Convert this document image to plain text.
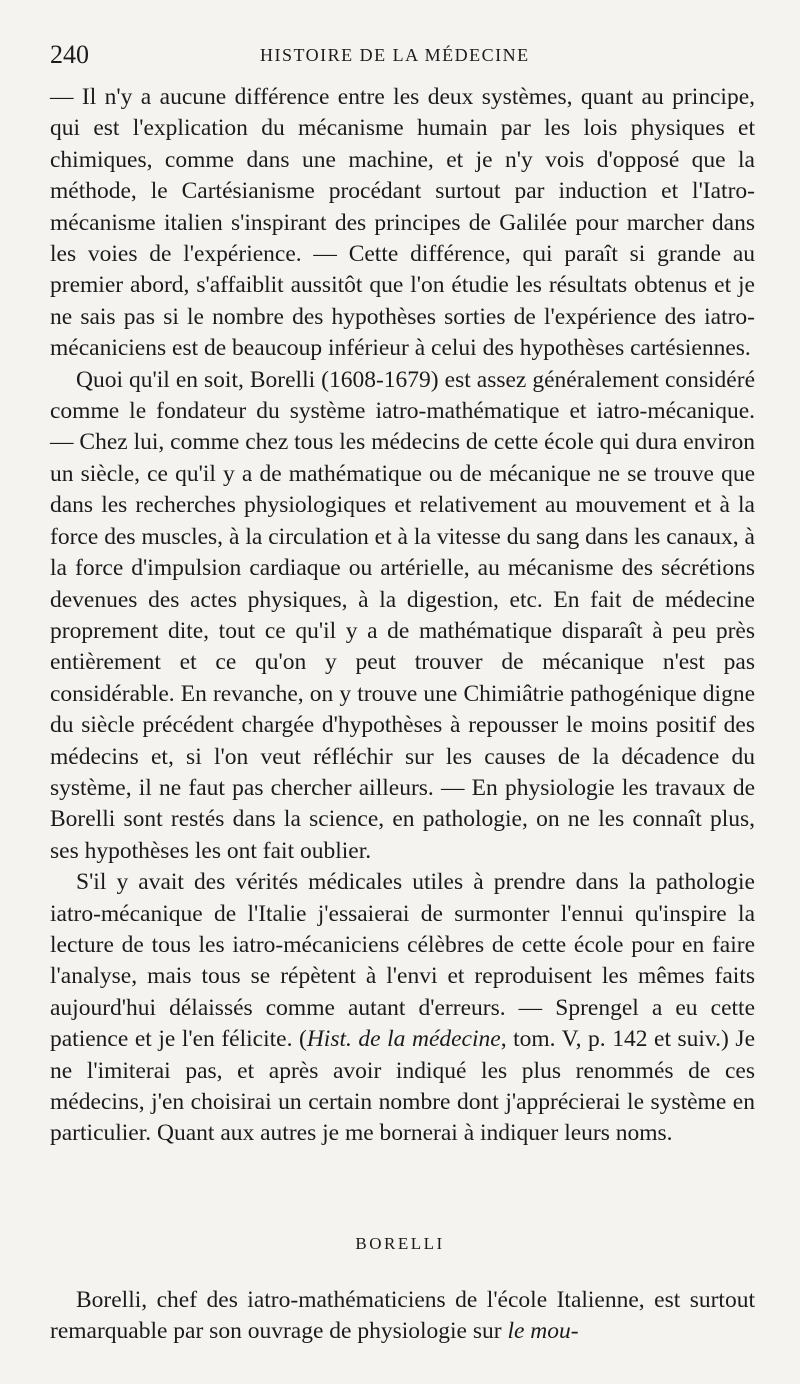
240	HISTOIRE DE LA MÉDECINE

— Il n'y a aucune différence entre les deux systèmes, quant au principe, qui est l'explication du mécanisme humain par les lois physiques et chimiques, comme dans une machine, et je n'y vois d'opposé que la méthode, le Cartésianisme procédant surtout par induction et l'Iatro-mécanisme italien s'inspirant des principes de Galilée pour marcher dans les voies de l'expérience. — Cette différence, qui paraît si grande au premier abord, s'affaiblit aussitôt que l'on étudie les résultats obtenus et je ne sais pas si le nombre des hypothèses sorties de l'expérience des iatro-mécaniciens est de beaucoup inférieur à celui des hypothèses cartésiennes.

Quoi qu'il en soit, Borelli (1608-1679) est assez généralement considéré comme le fondateur du système iatro-mathématique et iatro-mécanique. — Chez lui, comme chez tous les médecins de cette école qui dura environ un siècle, ce qu'il y a de mathématique ou de mécanique ne se trouve que dans les recherches physiologiques et relativement au mouvement et à la force des muscles, à la circulation et à la vitesse du sang dans les canaux, à la force d'impulsion cardiaque ou artérielle, au mécanisme des sécrétions devenues des actes physiques, à la digestion, etc. En fait de médecine proprement dite, tout ce qu'il y a de mathématique disparaît à peu près entièrement et ce qu'on y peut trouver de mécanique n'est pas considérable. En revanche, on y trouve une Chimiâtrie pathogénique digne du siècle précédent chargée d'hypothèses à repousser le moins positif des médecins et, si l'on veut réfléchir sur les causes de la décadence du système, il ne faut pas chercher ailleurs. — En physiologie les travaux de Borelli sont restés dans la science, en pathologie, on ne les connaît plus, ses hypothèses les ont fait oublier.

S'il y avait des vérités médicales utiles à prendre dans la pathologie iatro-mécanique de l'Italie j'essaierai de surmonter l'ennui qu'inspire la lecture de tous les iatro-mécaniciens célèbres de cette école pour en faire l'analyse, mais tous se répètent à l'envi et reproduisent les mêmes faits aujourd'hui délaissés comme autant d'erreurs. — Sprengel a eu cette patience et je l'en félicite. (Hist. de la médecine, tom. V, p. 142 et suiv.) Je ne l'imiterai pas, et après avoir indiqué les plus renommés de ces médecins, j'en choisirai un certain nombre dont j'apprécierai le système en particulier. Quant aux autres je me bornerai à indiquer leurs noms.

BORELLI

Borelli, chef des iatro-mathématiciens de l'école Italienne, est surtout remarquable par son ouvrage de physiologie sur le mou-
